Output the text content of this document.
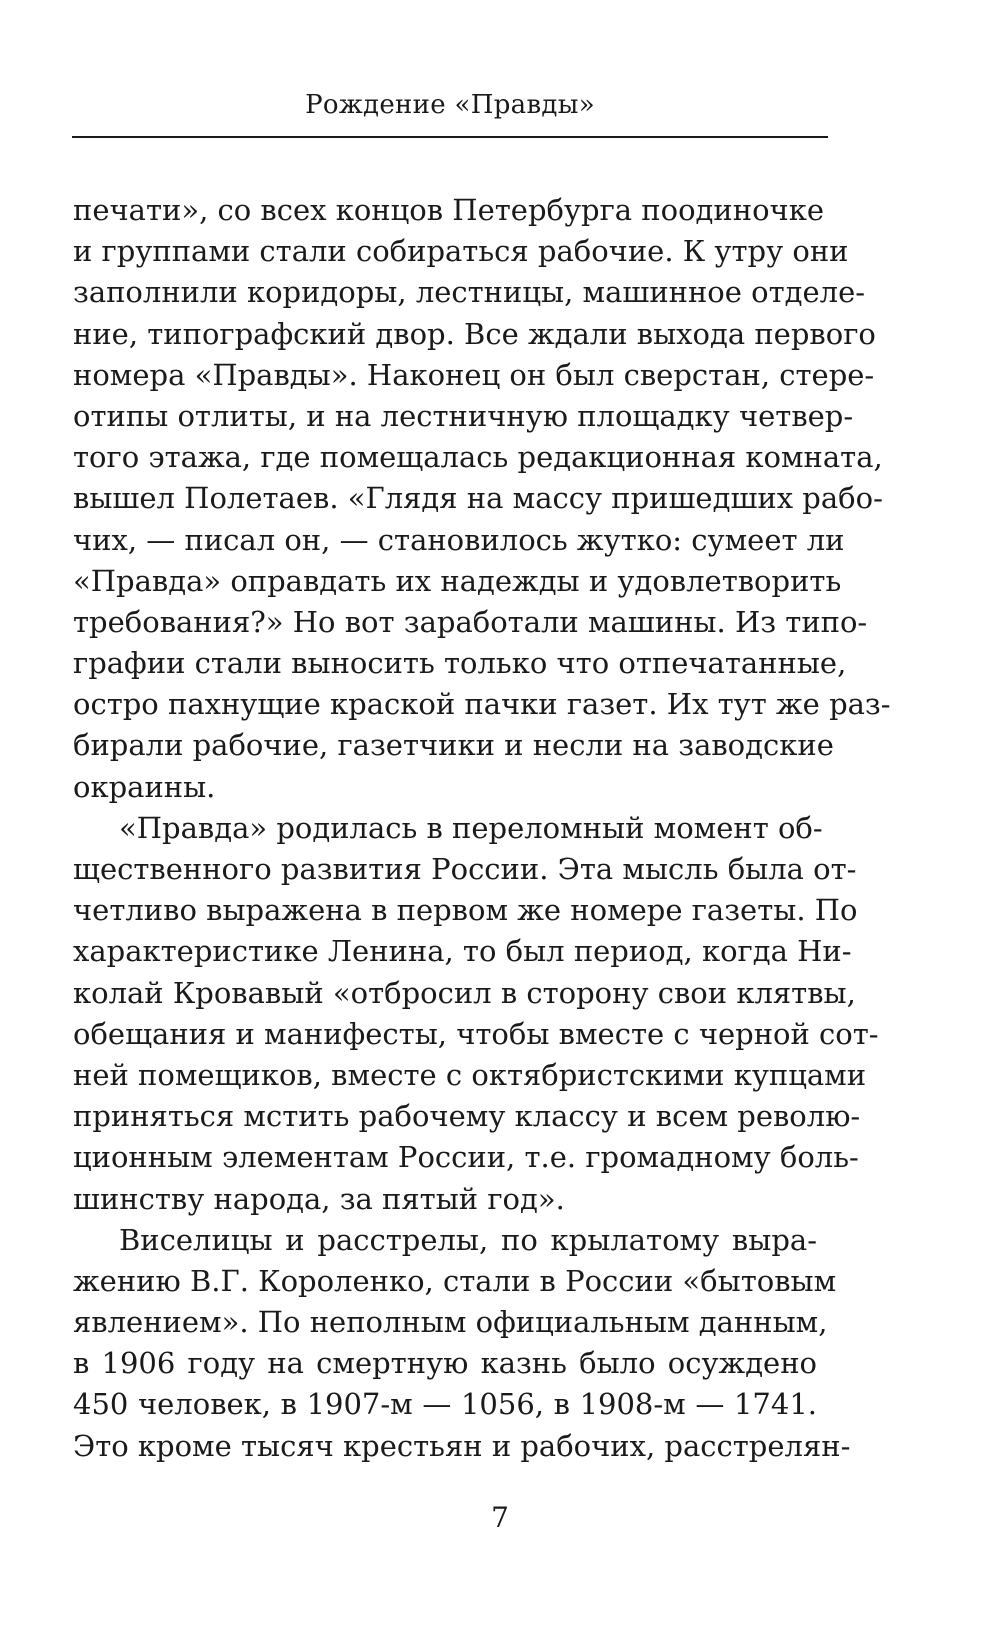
Рождение «Правды»
печати», со всех концов Петербурга поодиночке
и группами стали собираться рабочие. К утру они
заполнили коридоры, лестницы, машинное отделе-
ние, типографский двор. Все ждали выхода первого
номера «Правды». Наконец он был сверстан, стере-
отипы отлиты, и на лестничную площадку четвер-
того этажа, где помещалась редакционная комната,
вышел Полетаев. «Глядя на массу пришедших рабо-
чих, — писал он, — становилось жутко: сумеет ли
«Правда» оправдать их надежды и удовлетворить
требования?» Но вот заработали машины. Из типо-
графии стали выносить только что отпечатанные,
остро пахнущие краской пачки газет. Их тут же раз-
бирали рабочие, газетчики и несли на заводские
окраины.
«Правда» родилась в переломный момент об-
щественного развития России. Эта мысль была от-
четливо выражена в первом же номере газеты. По
характеристике Ленина, то был период, когда Ни-
колай Кровавый «отбросил в сторону свои клятвы,
обещания и манифесты, чтобы вместе с черной сот-
ней помещиков, вместе с октябристскими купцами
приняться мстить рабочему классу и всем револю-
ционным элементам России, т.е. громадному боль-
шинству народа, за пятый год».
Виселицы и расстрелы, по крылатому выра-
жению В.Г. Короленко, стали в России «бытовым
явлением». По неполным официальным данным,
в 1906 году на смертную казнь было осуждено
450 человек, в 1907-м — 1056, в 1908-м — 1741.
Это кроме тысяч крестьян и рабочих, расстрелян-
7
